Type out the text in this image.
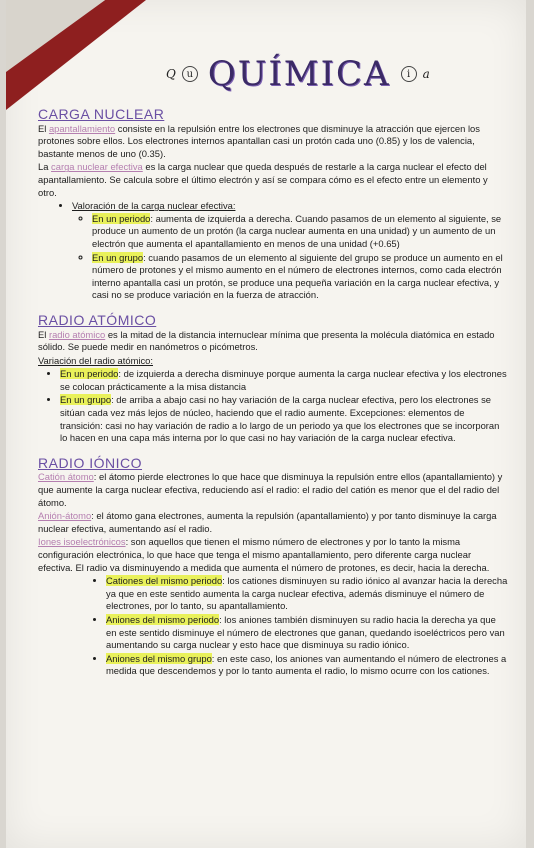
Q	u QUÍMICA	i	a
CARGA NUCLEAR

El apantallamiento consiste en la repulsión entre los electrones que disminuye la atracción que ejercen los protones sobre ellos. Los electrones internos apantallan casi un protón cada uno (0.85) y los de valencia, bastante menos de uno (0.35).

La carga nuclear efectiva es la carga nuclear que queda después de restarle a la carga nuclear el efecto del apantallamiento. Se calcula sobre el último electrón y así se compara cómo es el efecto entre un elemento y otro.

• Valoración de la carga nuclear efectiva:
◦ En un periodo: aumenta de izquierda a derecha. Cuando pasamos de un elemento al siguiente, se produce un aumento de un protón (la carga nuclear aumenta en una unidad) y un aumento de un electrón que aumenta el apantallamiento en menos de una unidad (+0.65)
◦ En un grupo: cuando pasamos de un elemento al siguiente del grupo se produce un aumento en el número de protones y el mismo aumento en el número de electrones internos, como cada electrón interno apantalla casi un protón, se produce una pequeña variación en la carga nuclear efectiva, y casi no se produce variación en la fuerza de atracción.
RADIO ATÓMICO

El radio atómico es la mitad de la distancia internuclear mínima que presenta la molécula diatómica en estado sólido. Se puede medir en nanómetros o picómetros.

Variación del radio atómico:

• En un periodo: de izquierda a derecha disminuye porque aumenta la carga nuclear efectiva y los electrones se colocan prácticamente a la misa distancia
• En un grupo: de arriba a abajo casi no hay variación de la carga nuclear efectiva, pero los electrones se sitúan cada vez más lejos de núcleo, haciendo que el radio aumente. Excepciones: elementos de transición: casi no hay variación de radio a lo largo de un periodo ya que los electrones que se incorporan lo hacen en una capa más interna por lo que casi no hay variación de la carga nuclear efectiva.
RADIO IÓNICO

Catión átomo: el átomo pierde electrones lo que hace que disminuya la repulsión entre ellos (apantallamiento) y que aumente la carga nuclear efectiva, reduciendo así el radio: el radio del catión es menor que el del radio del átomo.

Anión-átomo: el átomo gana electrones, aumenta la repulsión (apantallamiento) y por tanto disminuye la carga nuclear efectiva, aumentando así el radio.

Iones isoelectrónicos: son aquellos que tienen el mismo número de electrones y por lo tanto la misma configuración electrónica, lo que hace que tenga el mismo apantallamiento, pero diferente carga nuclear efectiva. El radio va disminuyendo a medida que aumenta el número de protones, es decir, hacia la derecha.

• Cationes del mismo periodo: los cationes disminuyen su radio iónico al avanzar hacia la derecha ya que en este sentido aumenta la carga nuclear efectiva, además disminuye el número de electrones, por lo tanto, su apantallamiento.
• Aniones del mismo periodo: los aniones también disminuyen su radio hacia la derecha ya que en este sentido disminuye el número de electrones que ganan, quedando isoeléctricos pero van aumentando su carga nuclear y esto hace que disminuya su radio iónico.
• Aniones del mismo grupo: en este caso, los aniones van aumentando el número de electrones a medida que descendemos y por lo tanto aumenta el radio, lo mismo ocurre con los cationes.
